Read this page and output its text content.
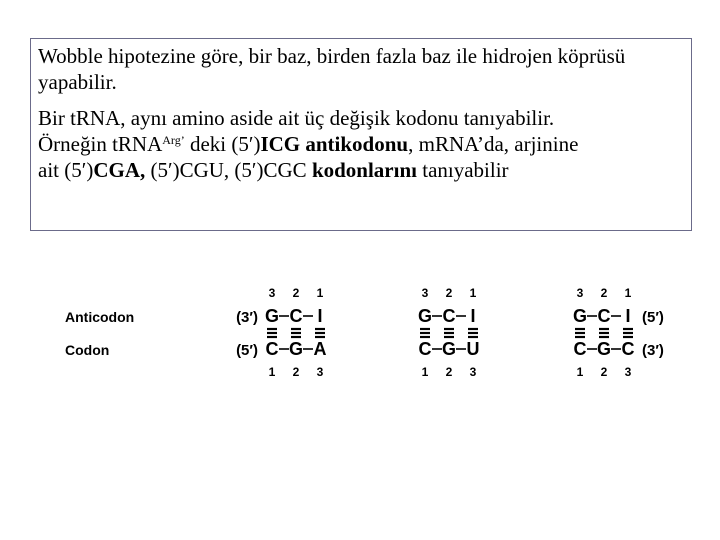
Wobble hipotezine göre, bir baz, birden fazla baz ile hidrojen köprüsü yapabilir.

Bir tRNA, aynı amino aside ait üç değişik kodonu tanıyabilir.
Örneğin tRNA$^{Arg’}$ deki (5′)ICG antikodonu, mRNA’da, arjinine
ait (5′)CGA, (5′)CGU, (5′)CGC kodonlarını tanıyabilir

Anticodon
Codon
3
G
C
1
2
C
G
2
1
I
A
3
(3′)
(5′)
3
G
C
1
2
C
G
2
1
I
U
3
3
G
C
1
2
C
G
2
1
I
C
3
(5′)
(3′)
